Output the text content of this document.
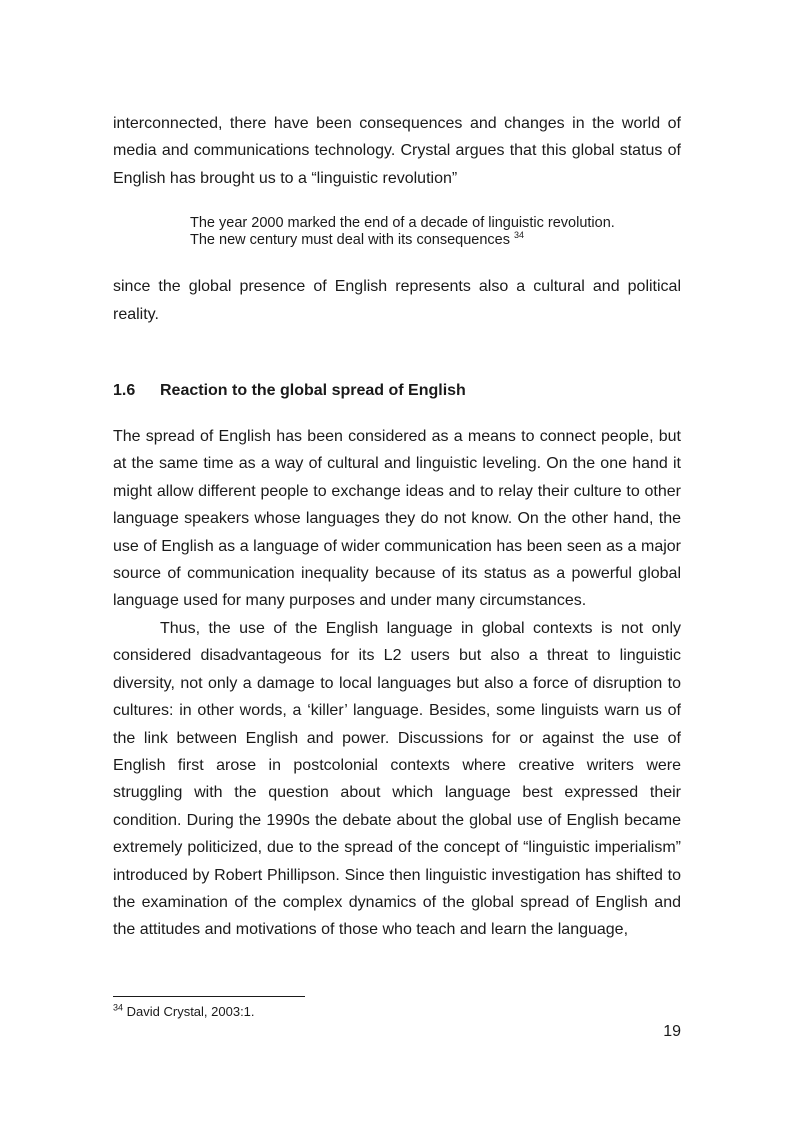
interconnected, there have been consequences and changes in the world of media and communications technology. Crystal argues that this global status of English has brought us to a “linguistic revolution”

The year 2000 marked the end of a decade of linguistic revolution.
The new century must deal with its consequences $^{34}$

since the global presence of English represents also a cultural and political reality.

1.6	Reaction to the global spread of English

The spread of English has been considered as a means to connect people, but at the same time as a way of cultural and linguistic leveling. On the one hand it might allow different people to exchange ideas and to relay their culture to other language speakers whose languages they do not know. On the other hand, the use of English as a language of wider communication has been seen as a major source of communication inequality because of its status as a powerful global language used for many purposes and under many circumstances.

Thus, the use of the English language in global contexts is not only considered disadvantageous for its L2 users but also a threat to linguistic diversity, not only a damage to local languages but also a force of disruption to cultures: in other words, a ‘killer’ language. Besides, some linguists warn us of the link between English and power. Discussions for or against the use of English first arose in postcolonial contexts where creative writers were struggling with the question about which language best expressed their condition. During the 1990s the debate about the global use of English became extremely politicized, due to the spread of the concept of “linguistic imperialism” introduced by Robert Phillipson. Since then linguistic investigation has shifted to the examination of the complex dynamics of the global spread of English and the attitudes and motivations of those who teach and learn the language,

$^{34}$ David Crystal, 2003:1.
19
